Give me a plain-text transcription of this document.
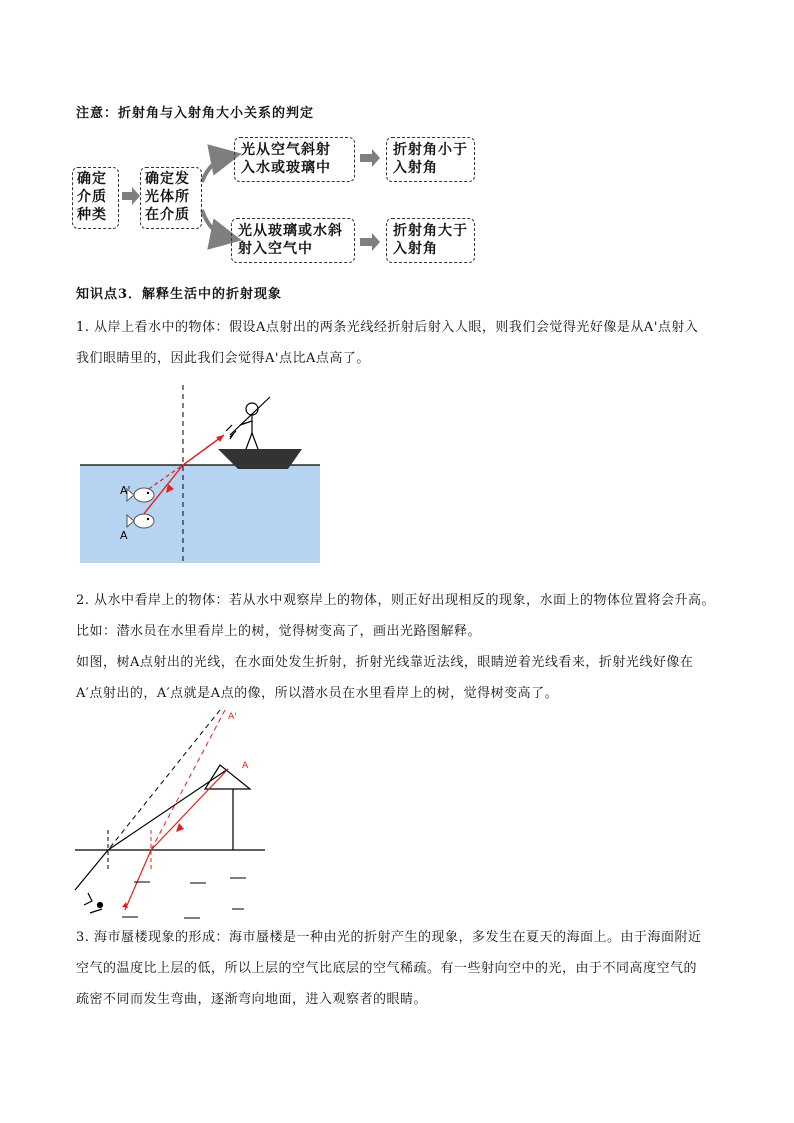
注意：折射角与入射角大小关系的判定
确定介质种类
确定发光体所在介质
光从空气斜射
入水或玻璃中
折射角小于
入射角
光从玻璃或水斜
射入空气中
折射角大于
入射角
知识点3．解释生活中的折射现象
1. 从岸上看水中的物体：假设A点射出的两条光线经折射后射入人眼，则我们会觉得光好像是从A'点射入
我们眼睛里的，因此我们会觉得A'点比A点高了。
A'
A
2. 从水中看岸上的物体：若从水中观察岸上的物体，则正好出现相反的现象，水面上的物体位置将会升高。
比如：潜水员在水里看岸上的树，觉得树变高了，画出光路图解释。
如图，树A点射出的光线，在水面处发生折射，折射光线靠近法线，眼睛逆着光线看来，折射光线好像在
A′点射出的，A′点就是A点的像，所以潜水员在水里看岸上的树，觉得树变高了。
A'
A
3. 海市蜃楼现象的形成：海市蜃楼是一种由光的折射产生的现象，多发生在夏天的海面上。由于海面附近
空气的温度比上层的低，所以上层的空气比底层的空气稀疏。有一些射向空中的光，由于不同高度空气的
疏密不同而发生弯曲，逐渐弯向地面，进入观察者的眼睛。
